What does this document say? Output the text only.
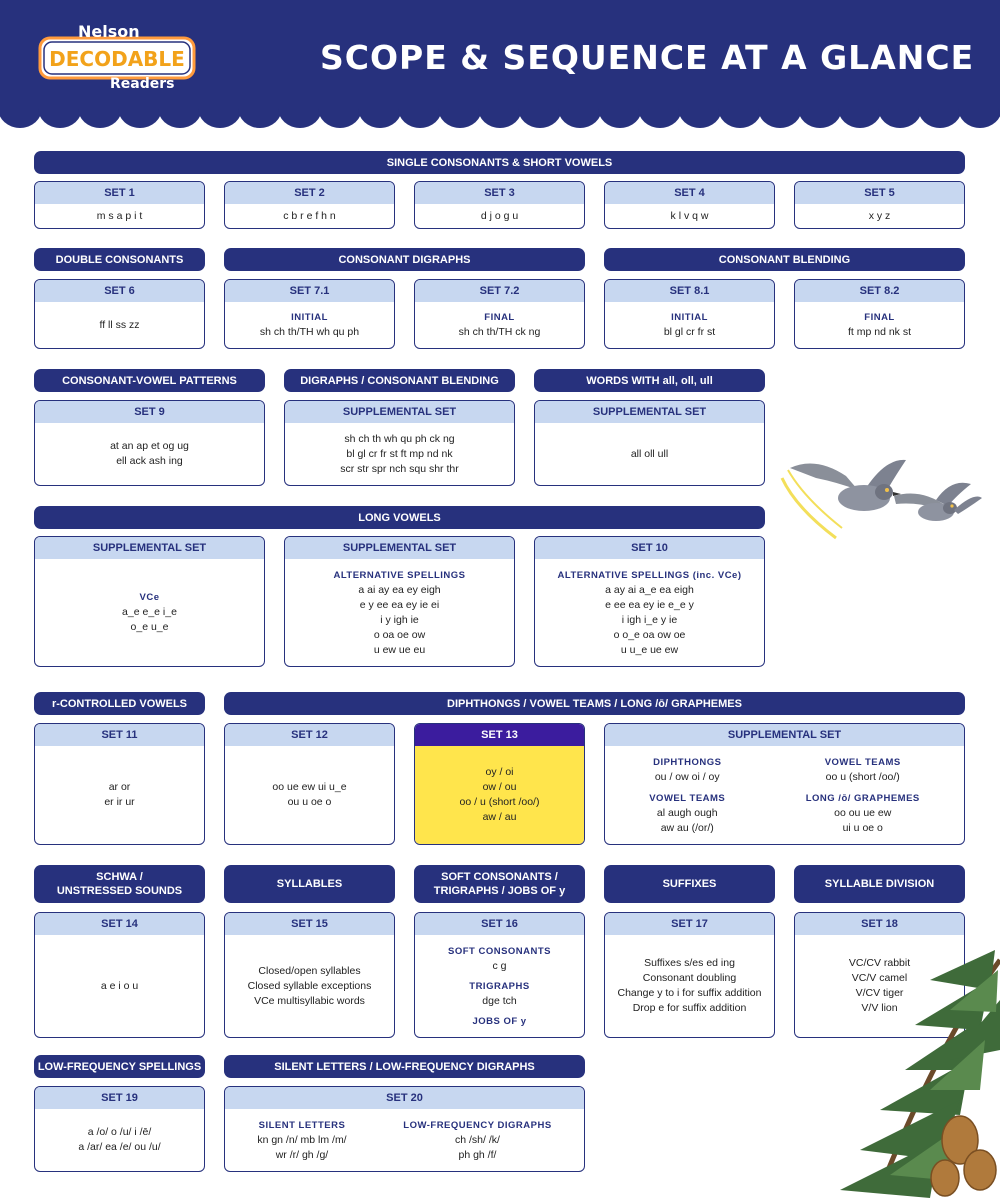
Nelson
DECODABLE
Readers
SCOPE & SEQUENCE AT A GLANCE
SINGLE CONSONANTS & SHORT VOWELS
SET 1
m s a p i t
SET 2
c b r e f h n
SET 3
d j o g u
SET 4
k l v q w
SET 5
x y z
DOUBLE CONSONANTS	CONSONANT DIGRAPHS	CONSONANT BLENDING
SET 6
ff ll ss zz
SET 7.1
INITIAL
sh ch th/TH wh qu ph
SET 7.2
FINAL
sh ch th/TH ck ng
SET 8.1
INITIAL
bl gl cr fr st
SET 8.2
FINAL
ft mp nd nk st
CONSONANT-VOWEL PATTERNS	DIGRAPHS / CONSONANT BLENDING	WORDS WITH all, oll, ull
SET 9
at an ap et og ug
ell ack ash ing
SUPPLEMENTAL SET
sh ch th wh qu ph ck ng
bl gl cr fr st ft mp nd nk
scr str spr nch squ shr thr
SUPPLEMENTAL SET
all oll ull
LONG VOWELS
SUPPLEMENTAL SET
VCe
a_e e_e i_e
o_e u_e
SUPPLEMENTAL SET
ALTERNATIVE SPELLINGS
a ai ay ea ey eigh
e y ee ea ey ie ei
i y igh ie
o oa oe ow
u ew ue eu
SET 10
ALTERNATIVE SPELLINGS (inc. VCe)
a ay ai a_e ea eigh
e ee ea ey ie e_e y
i igh i_e y ie
o o_e oa ow oe
u u_e ue ew
r-CONTROLLED VOWELS	DIPHTHONGS / VOWEL TEAMS / LONG /ō/ GRAPHEMES
SET 11
ar or
er ir ur
SET 12
oo ue ew ui u_e
ou u oe o
SET 13
oy / oi
ow / ou
oo / u (short /oo/)
aw / au
SUPPLEMENTAL SET
DIPHTHONGS
ou / ow oi / oy
VOWEL TEAMS
al augh ough
aw au (/or/)
VOWEL TEAMS
oo u (short /oo/)
LONG /ō/ GRAPHEMES
oo ou ue ew
ui u oe o
SCHWA /
UNSTRESSED SOUNDS
SYLLABLES
SOFT CONSONANTS /
TRIGRAPHS / JOBS OF y
SUFFIXES	SYLLABLE DIVISION
SET 14
a e i o u
SET 15
Closed/open syllables
Closed syllable exceptions
VCe multisyllabic words
SET 16
SOFT CONSONANTS
c g
TRIGRAPHS
dge tch
JOBS OF y
SET 17
Suffixes s/es ed ing
Consonant doubling
Change y to i for suffix addition
Drop e for suffix addition
SET 18
VC/CV rabbit
VC/V camel
V/CV tiger
V/V lion
LOW-FREQUENCY SPELLINGS	SILENT LETTERS / LOW-FREQUENCY DIGRAPHS
SET 19
a /o/ o /u/ i /ē/
a /ar/ ea /e/ ou /u/
SET 20
SILENT LETTERS
kn gn /n/ mb lm /m/
wr /r/ gh /g/
LOW-FREQUENCY DIGRAPHS
ch /sh/ /k/
ph gh /f/
